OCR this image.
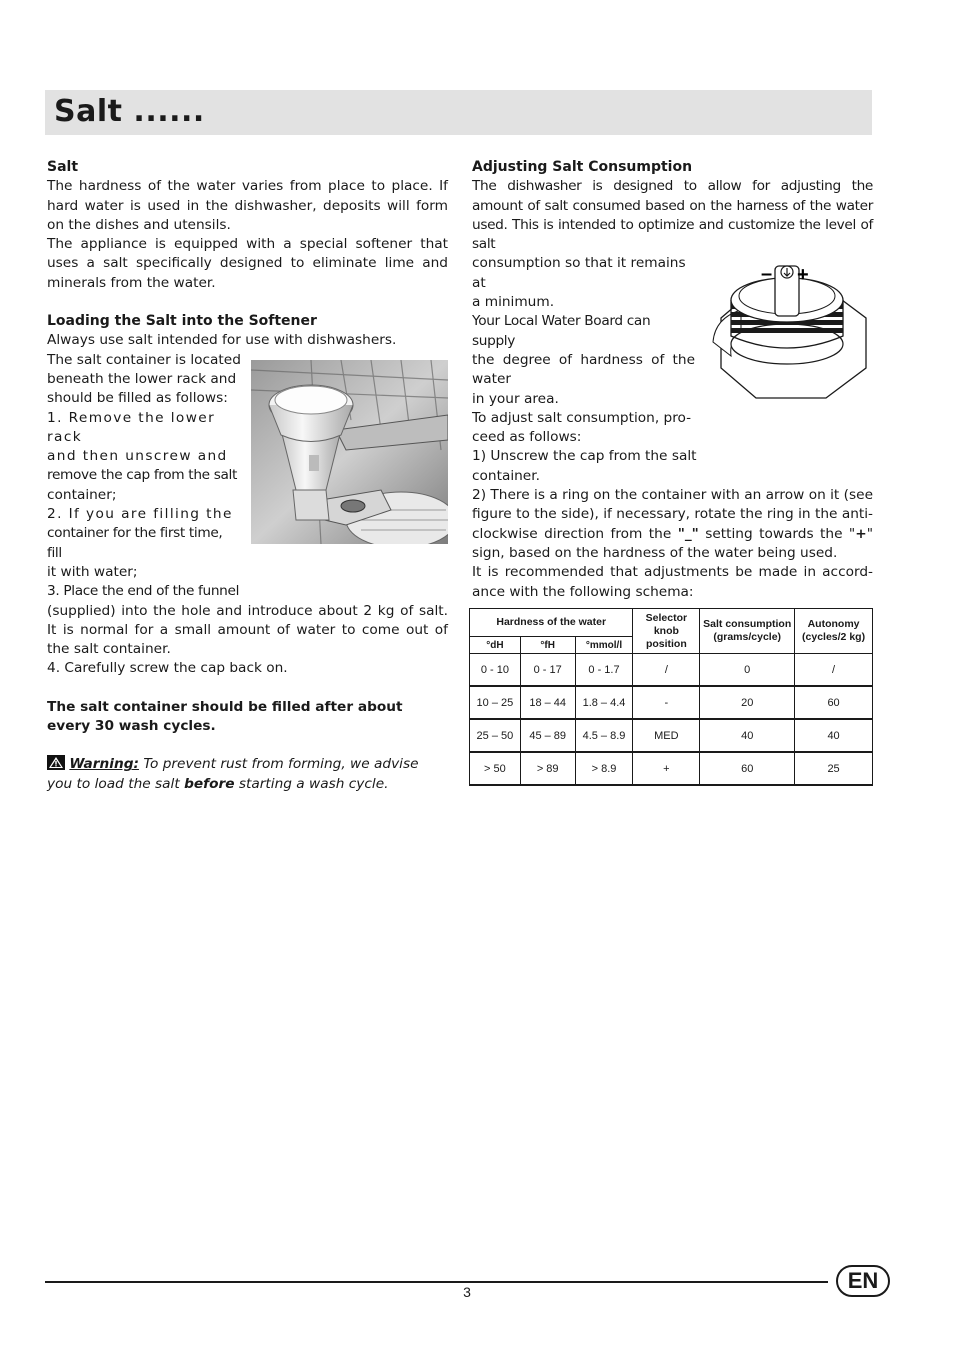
Salt ......
Salt

The hardness of the water varies from place to place. If hard water is used in the dishwasher, deposits will form on the dishes and utensils.

The appliance is equipped with a special softener that uses a salt specifically designed to eliminate lime and minerals from the water.

Loading the Salt into the Softener

Always use salt intended for use with dishwashers.

The salt container is located

beneath the lower rack and

should be filled as follows:

1. Remove the lower rack

and then unscrew and

remove the cap from the salt

container;

2. If you are filling the

container for the first time, fill

it with water;

3. Place the end of the funnel

(supplied) into the hole and introduce about 2 kg of salt. It is normal for a small amount of water to come out of the salt container.

4. Carefully screw the cap back on.

The salt container should be filled after about every 30 wash cycles.

Warning: To prevent rust from forming, we advise you to load the salt before starting a wash cycle.

Adjusting Salt Consumption

The dishwasher is designed to allow for adjusting the amount of salt consumed based on the harness of the water used. This is intended to optimize and customize the level of salt

– +

consumption so that it remains at

a minimum.

Your Local Water Board can supply

the degree of hardness of the

water

in your area.

To adjust salt consumption, pro-

ceed as follows:

1) Unscrew the cap from the salt

container.

2) There is a ring on the container with an arrow on it (see figure to the side), if necessary, rotate the ring in the anti-clockwise direction from the "_" setting towards the "+" sign, based on the hardness of the water being used.

It is recommended that adjustments be made in accord-ance with the following schema:

Hardness of the water			Selector knob position	Salt consumption (grams/cycle)	Autonomy (cycles/2 kg)
°dH	°fH	°mmol/l			
0 - 10	0 - 17	0 - 1.7	/	0	/
10 – 25	18 – 44	1.8 – 4.4	-	20	60
25 – 50	45 – 89	4.5 – 8.9	MED	40	40
> 50	> 89	> 8.9	+	60	25
3	EN
